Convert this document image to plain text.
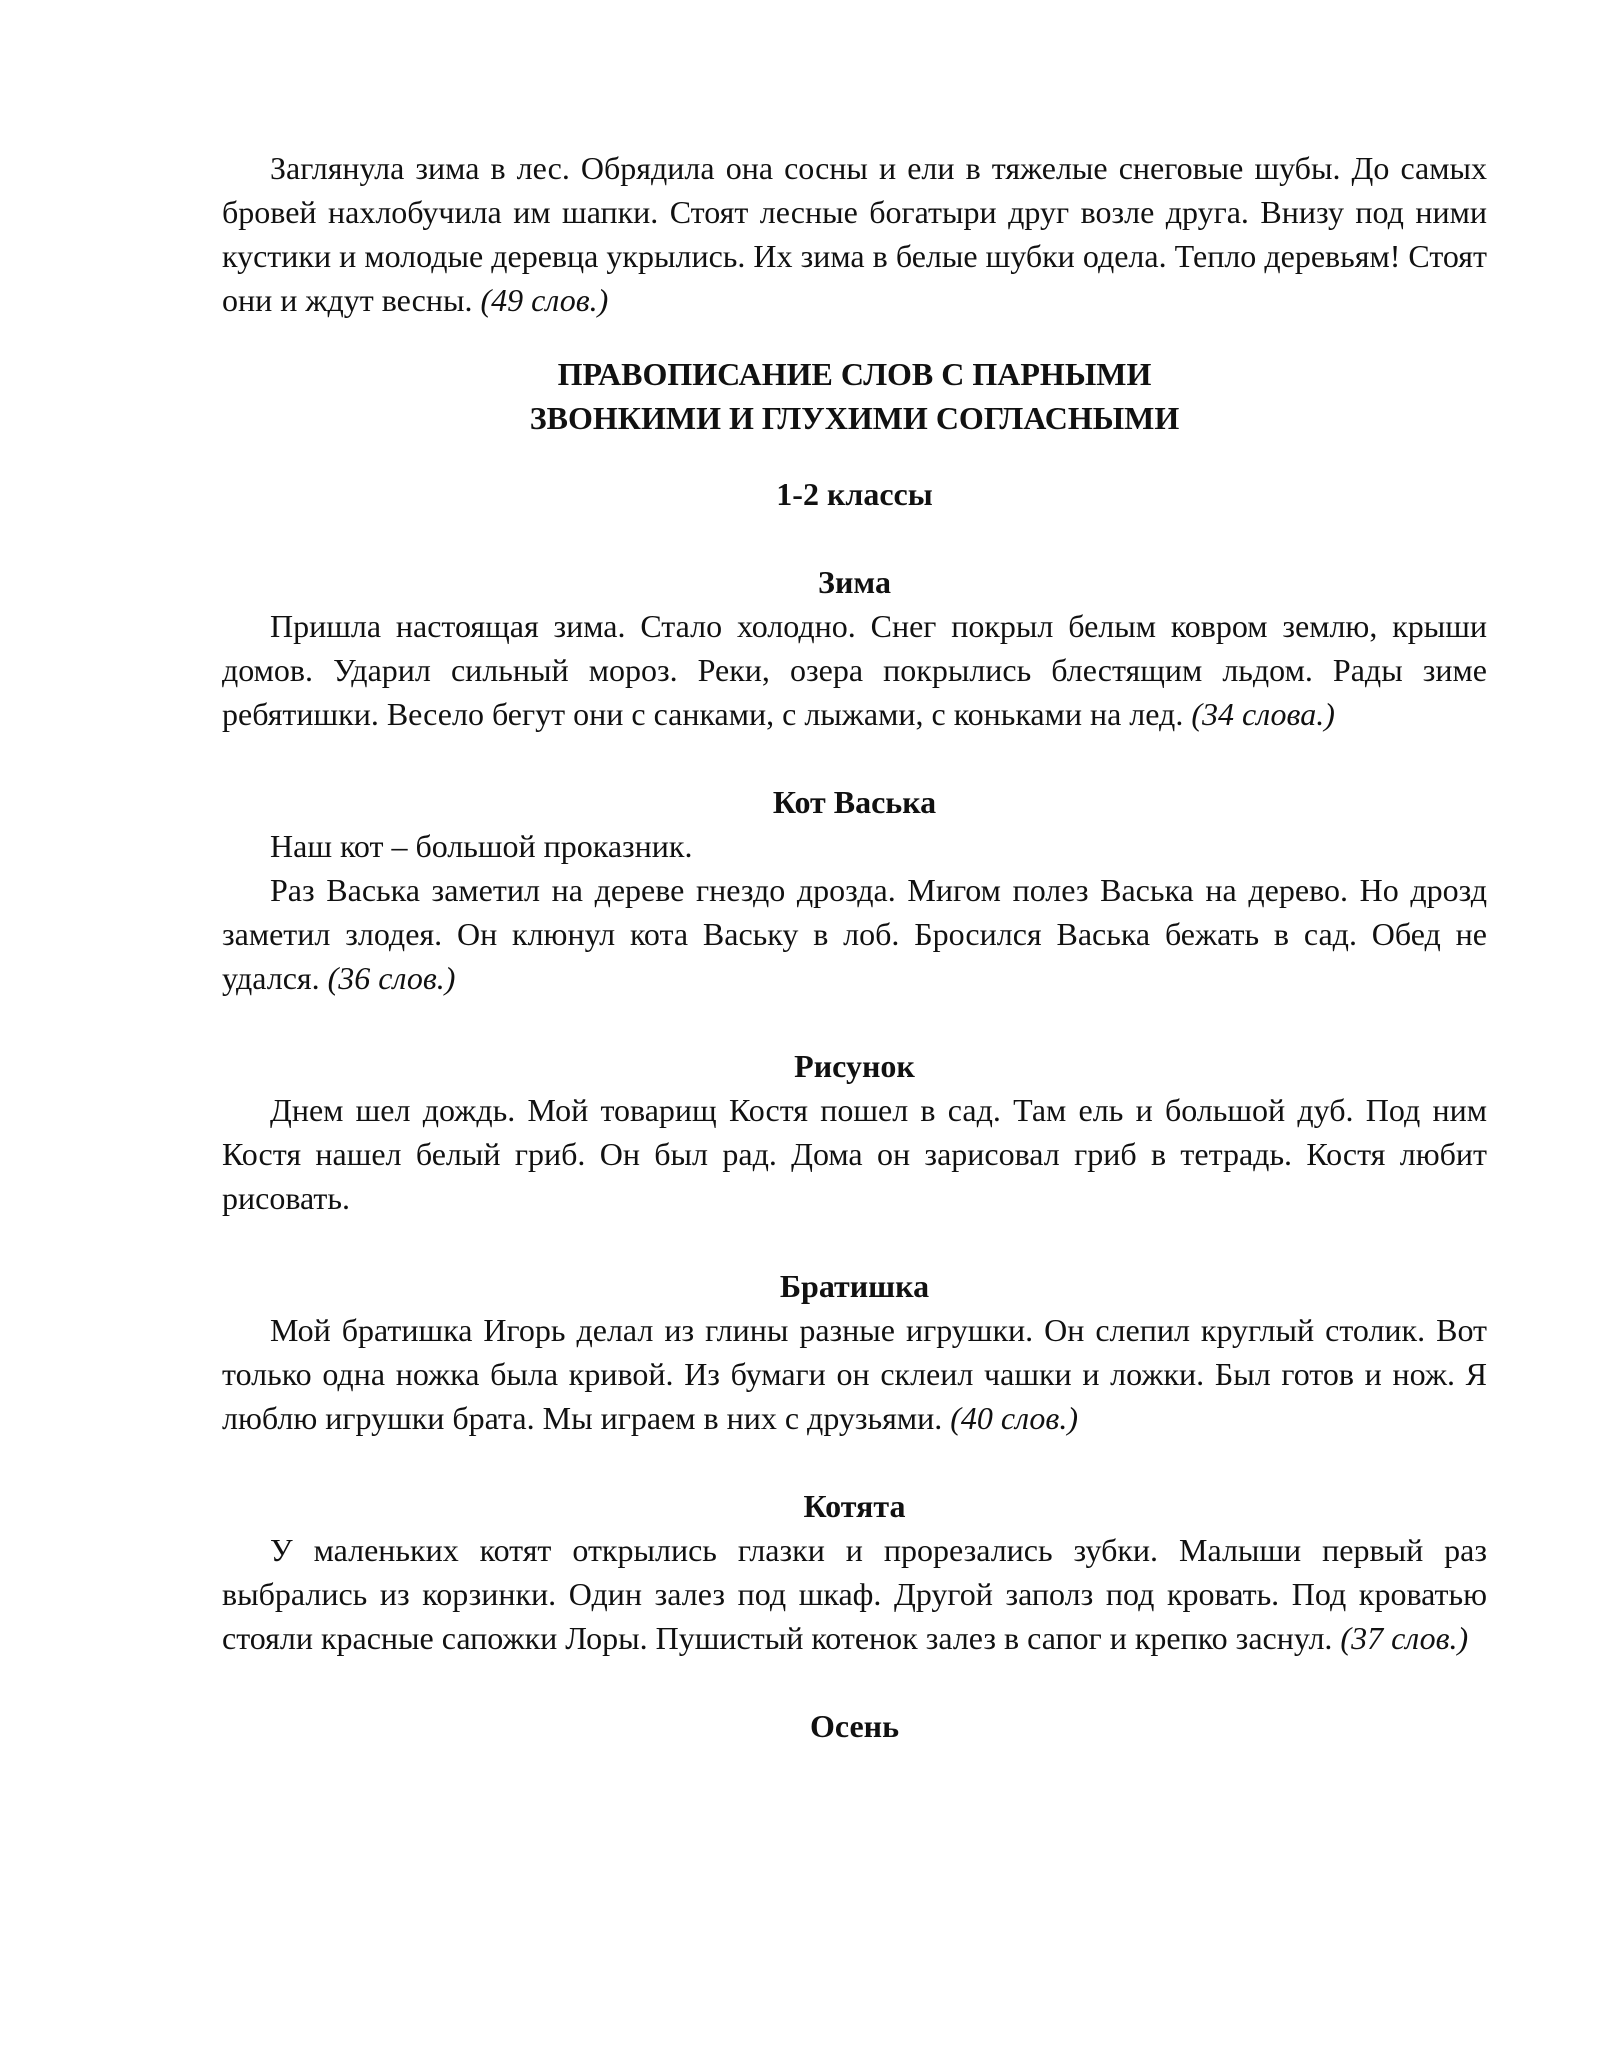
Заглянула зима в лес. Обрядила она сосны и ели в тяжелые снеговые шубы. До самых бровей нахлобучила им шапки. Стоят лесные богатыри друг возле друга. Внизу под ними кустики и молодые деревца укрылись. Их зима в белые шубки одела. Тепло деревьям! Стоят они и ждут весны. (49 слов.)

ПРАВОПИСАНИЕ СЛОВ С ПАРНЫМИ
ЗВОНКИМИ И ГЛУХИМИ СОГЛАСНЫМИ
1-2 классы
Зима

Пришла настоящая зима. Стало холодно. Снег покрыл белым ковром землю, крыши домов. Ударил сильный мороз. Реки, озера покрылись блестящим льдом. Рады зиме ребятишки. Весело бегут они с санками, с лыжами, с коньками на лед. (34 слова.)

Кот Васька

Наш кот – большой проказник.

Раз Васька заметил на дереве гнездо дрозда. Мигом полез Васька на дерево. Но дрозд заметил злодея. Он клюнул кота Ваську в лоб. Бросился Васька бежать в сад. Обед не удался. (36 слов.)

Рисунок

Днем шел дождь. Мой товарищ Костя пошел в сад. Там ель и большой дуб. Под ним Костя нашел белый гриб. Он был рад. Дома он зарисовал гриб в тетрадь. Костя любит рисовать.

Братишка

Мой братишка Игорь делал из глины разные игрушки. Он слепил круглый столик. Вот только одна ножка была кривой. Из бумаги он склеил чашки и ложки. Был готов и нож. Я люблю игрушки брата. Мы играем в них с друзьями. (40 слов.)

Котята

У маленьких котят открылись глазки и прорезались зубки. Малыши первый раз выбрались из корзинки. Один залез под шкаф. Другой заполз под кровать. Под кроватью стояли красные сапожки Лоры. Пушистый котенок залез в сапог и крепко заснул. (37 слов.)

Осень
